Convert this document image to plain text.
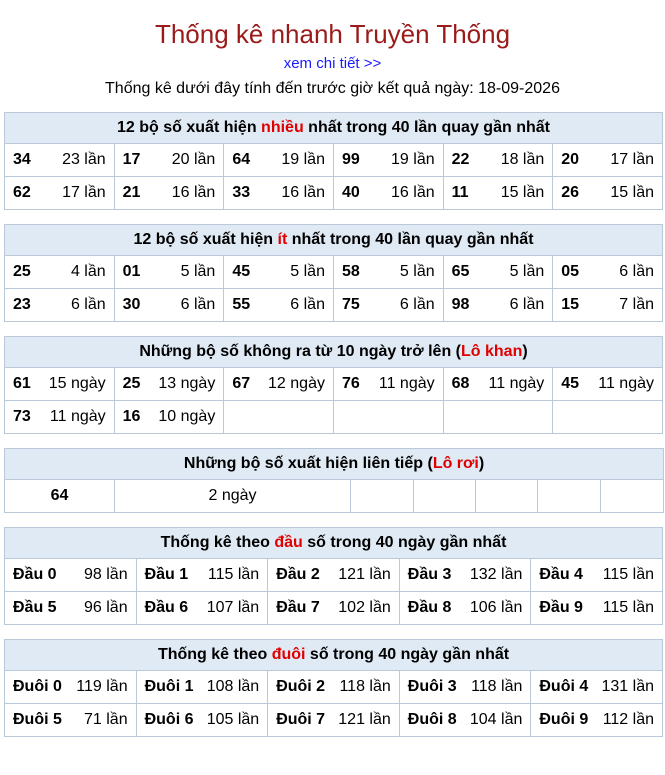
Thống kê nhanh Truyền Thống
xem chi tiết >>
Thống kê dưới đây tính đến trước giờ kết quả ngày: 18-09-2026
12 bộ số xuất hiện nhiều nhất trong 40 lần quay gần nhất					

34 23 lần	17 20 lần	64 19 lần	99 19 lần	22 18 lần	20 17 lần

62 17 lần	21 16 lần	33 16 lần	40 16 lần	11 15 lần	26 15 lần
12 bộ số xuất hiện ít nhất trong 40 lần quay gần nhất					

25 4 lần	01 5 lần	45 5 lần	58 5 lần	65 5 lần	05 6 lần

23 6 lần	30 6 lần	55 6 lần	75 6 lần	98 6 lần	15 7 lần
Những bộ số không ra từ 10 ngày trở lên (Lô khan)					

61 15 ngày	25 13 ngày	67 12 ngày	76 11 ngày	68 11 ngày	45 11 ngày

73 11 ngày	16 10 ngày				

Những bộ số xuất hiện liên tiếp (Lô rơi)
64	2 ngày					
Thống kê theo đầu số trong 40 ngày gần nhất				

Đầu 0 98 lần	Đầu 1 115 lần	Đầu 2 121 lần	Đầu 3 132 lần	Đầu 4 115 lần

Đầu 5 96 lần	Đầu 6 107 lần	Đầu 7 102 lần	Đầu 8 106 lần	Đầu 9 115 lần
Thống kê theo đuôi số trong 40 ngày gần nhất				

Đuôi 0 119 lần	Đuôi 1 108 lần	Đuôi 2 118 lần	Đuôi 3 118 lần	Đuôi 4 131 lần

Đuôi 5 71 lần	Đuôi 6 105 lần	Đuôi 7 121 lần	Đuôi 8 104 lần	Đuôi 9 112 lần
